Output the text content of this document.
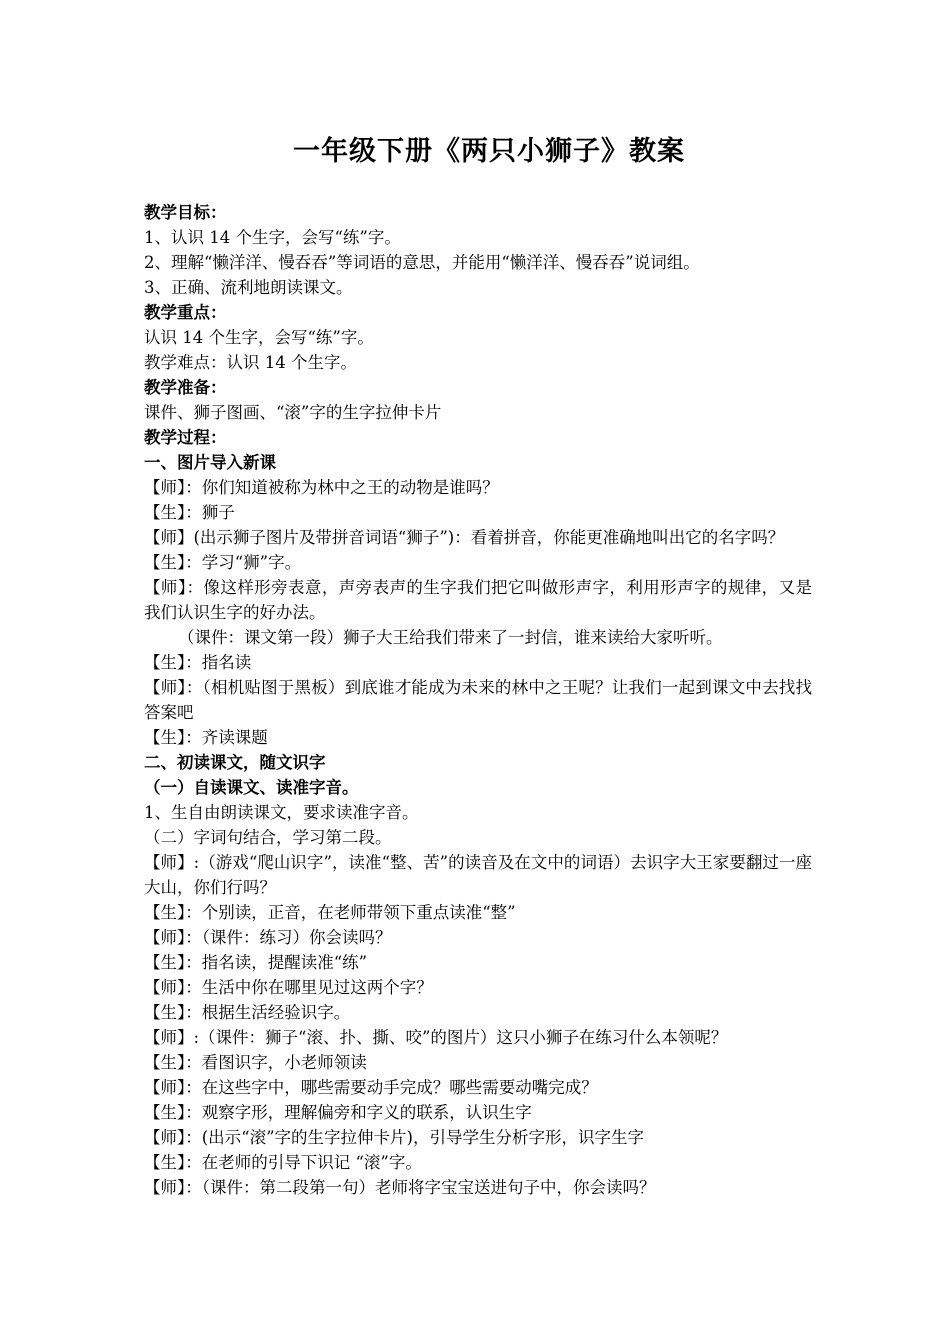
一年级下册《两只小狮子》教案

教学目标：

1、认识 14 个生字，会写“练”字。

2、理解“懒洋洋、慢吞吞”等词语的意思，并能用“懒洋洋、慢吞吞”说词组。

3、正确、流利地朗读课文。

教学重点：

认识 14 个生字，会写“练”字。

教学难点：认识 14 个生字。

教学准备：

课件、狮子图画、“滚”字的生字拉伸卡片

教学过程：

一、图片导入新课

【师】：你们知道被称为林中之王的动物是谁吗？

【生】：狮子

【师】(出示狮子图片及带拼音词语“狮子”)：看着拼音，你能更准确地叫出它的名字吗？

【生】：学习“狮”字。

【师】：像这样形旁表意，声旁表声的生字我们把它叫做形声字，利用形声字的规律，又是我们认识生字的好办法。

（课件：课文第一段）狮子大王给我们带来了一封信，谁来读给大家听听。

【生】：指名读

【师】：（相机贴图于黑板）到底谁才能成为未来的林中之王呢？让我们一起到课文中去找找答案吧

【生】：齐读课题

二、初读课文，随文识字

（一）自读课文、读准字音。

1、生自由朗读课文，要求读准字音。

（二）字词句结合，学习第二段。

【师】:（游戏“爬山识字”，读准“整、苦”的读音及在文中的词语）去识字大王家要翻过一座大山，你们行吗？

【生】：个别读，正音，在老师带领下重点读准“整”

【师】：（课件：练习）你会读吗？

【生】：指名读，提醒读准“练”

【师】：生活中你在哪里见过这两个字？

【生】：根据生活经验识字。

【师】:（课件：狮子“滚、扑、撕、咬”的图片）这只小狮子在练习什么本领呢？

【生】：看图识字，小老师领读

【师】：在这些字中，哪些需要动手完成？哪些需要动嘴完成？

【生】：观察字形，理解偏旁和字义的联系，认识生字

【师】：(出示“滚”字的生字拉伸卡片)，引导学生分析字形，识字生字

【生】：在老师的引导下识记 “滚”字。

【师】：（课件：第二段第一句）老师将字宝宝送进句子中，你会读吗？
